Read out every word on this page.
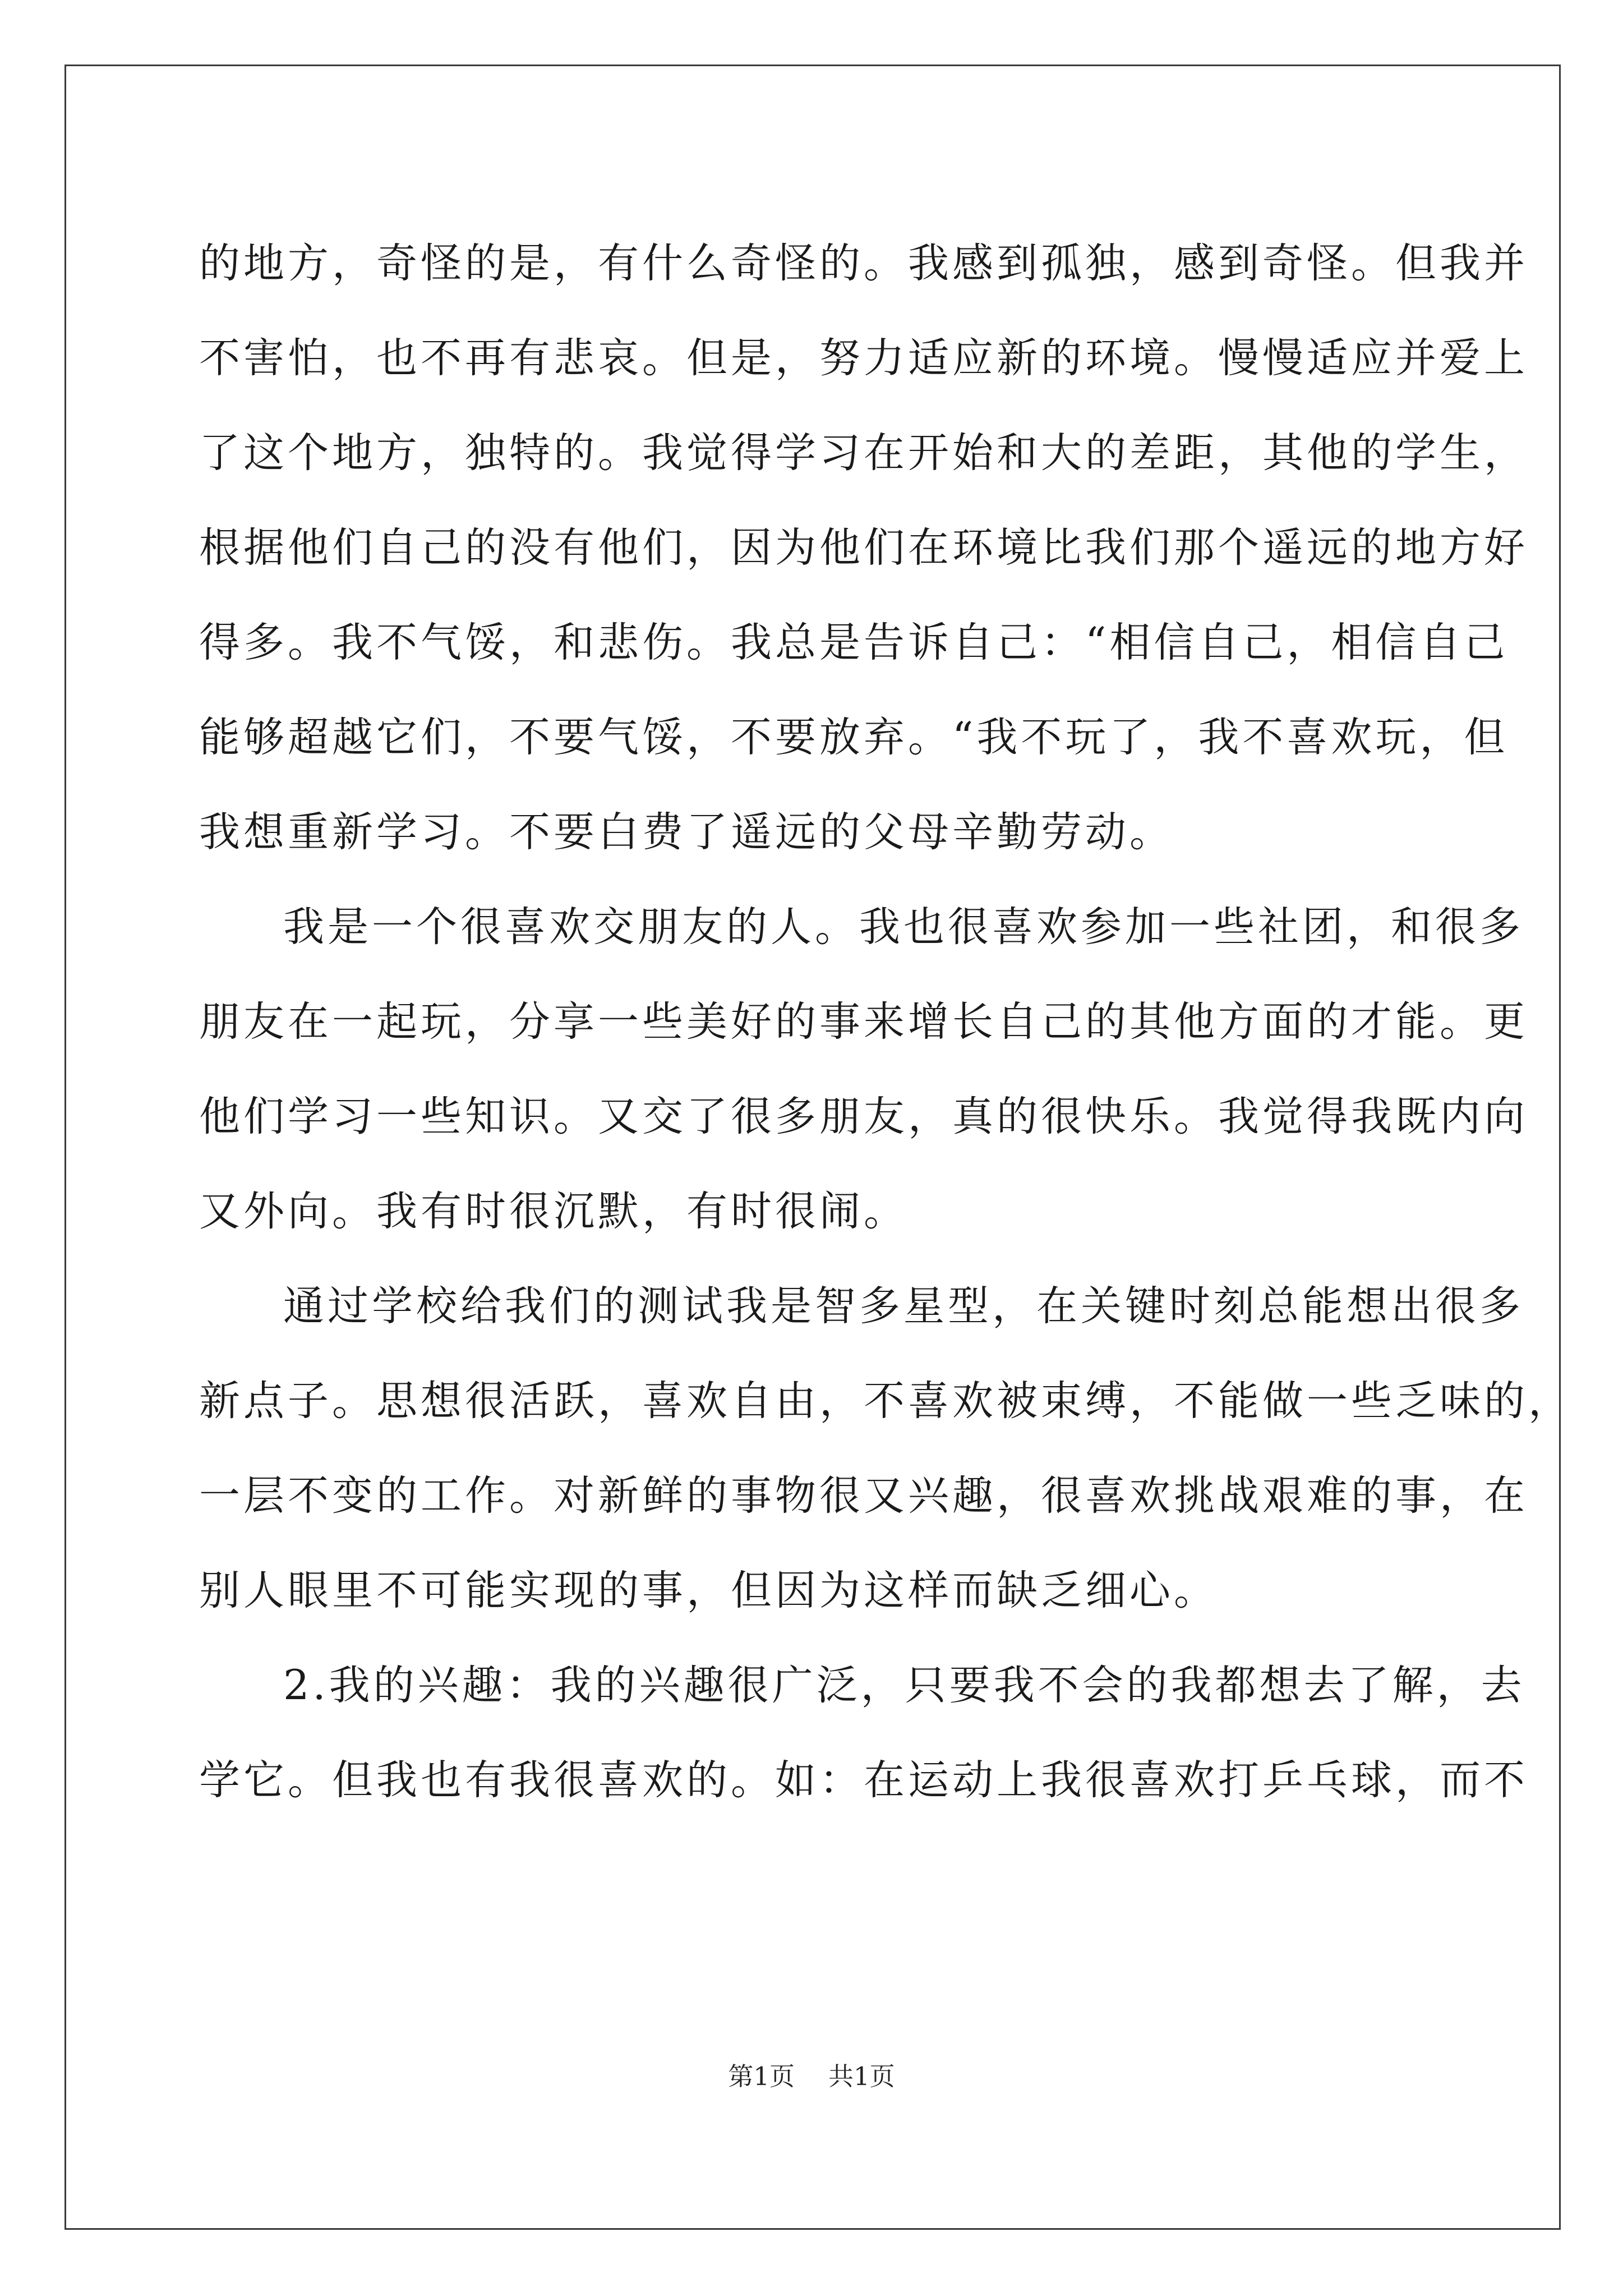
的地方，奇怪的是，有什么奇怪的。我感到孤独，感到奇怪。但我并
不害怕，也不再有悲哀。但是，努力适应新的环境。慢慢适应并爱上
了这个地方，独特的。我觉得学习在开始和大的差距，其他的学生，
根据他们自己的没有他们，因为他们在环境比我们那个遥远的地方好
得多。我不气馁，和悲伤。我总是告诉自己：“相信自己，相信自己
能够超越它们，不要气馁，不要放弃。“我不玩了，我不喜欢玩，但
我想重新学习。不要白费了遥远的父母辛勤劳动。
我是一个很喜欢交朋友的人。我也很喜欢参加一些社团，和很多
朋友在一起玩，分享一些美好的事来增长自己的其他方面的才能。更
他们学习一些知识。又交了很多朋友，真的很快乐。我觉得我既内向
又外向。我有时很沉默，有时很闹。
通过学校给我们的测试我是智多星型，在关键时刻总能想出很多
新点子。思想很活跃，喜欢自由，不喜欢被束缚，不能做一些乏味的，
一层不变的工作。对新鲜的事物很又兴趣，很喜欢挑战艰难的事，在
别人眼里不可能实现的事，但因为这样而缺乏细心。
2.我的兴趣：我的兴趣很广泛，只要我不会的我都想去了解，去
学它。但我也有我很喜欢的。如：在运动上我很喜欢打乒乓球，而不
第1页 共1页
